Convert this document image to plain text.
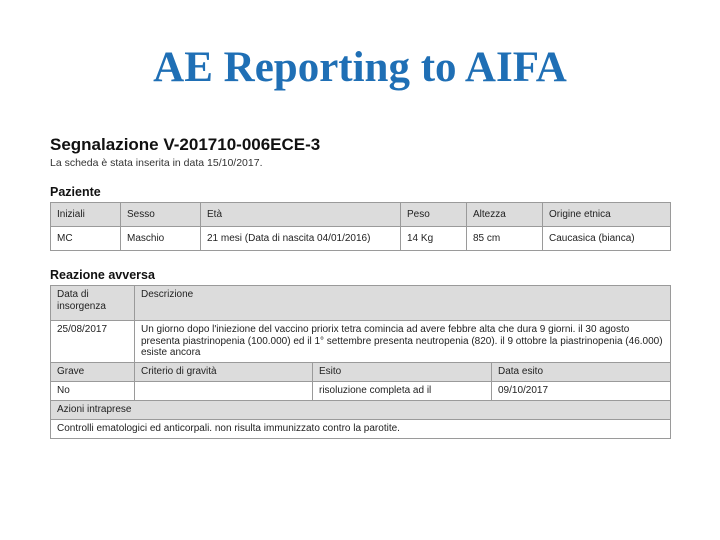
AE Reporting to AIFA
Segnalazione V-201710-006ECE-3
La scheda è stata inserita in data 15/10/2017.
Paziente
Iniziali	Sesso	Età	Peso	Altezza	Origine etnica
MC	Maschio	21 mesi (Data di nascita 04/01/2016)	14 Kg	85 cm	Caucasica (bianca)
Reazione avversa
Data di insorgenza	Descrizione		
25/08/2017	Un giorno dopo l'iniezione del vaccino priorix tetra comincia ad avere febbre alta che dura 9 giorni. il 30 agosto presenta piastrinopenia (100.000) ed il 1° settembre presenta neutropenia (820). il 9 ottobre la piastrinopenia (46.000) esiste ancora		
Grave	Criterio di gravità	Esito	Data esito
No		risoluzione completa ad il	09/10/2017
Azioni intraprese			
Controlli ematologici ed anticorpali. non risulta immunizzato contro la parotite.			
